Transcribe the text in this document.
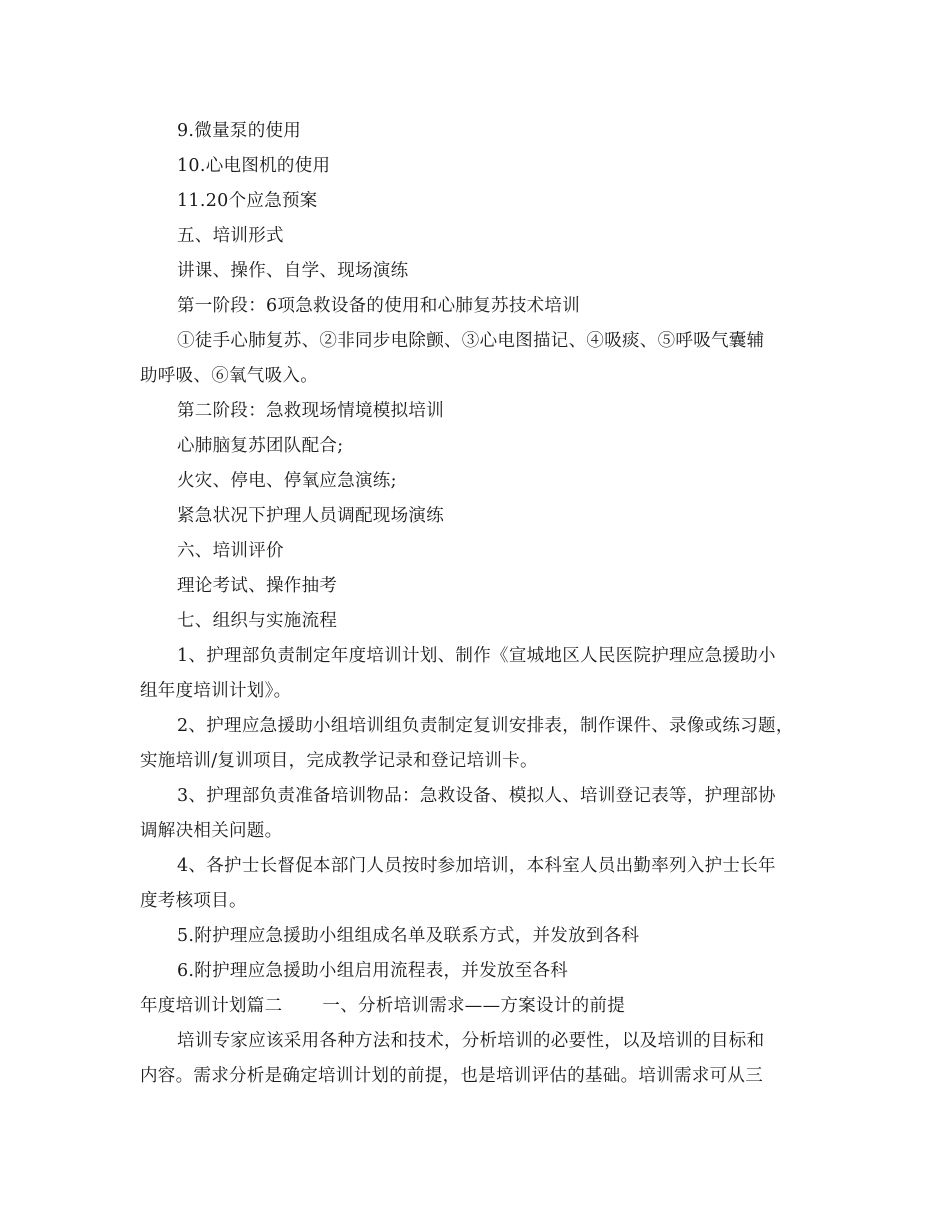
9.微量泵的使用
10.心电图机的使用
11.20个应急预案
五、培训形式
讲课、操作、自学、现场演练
第一阶段：6项急救设备的使用和心肺复苏技术培训
①徒手心肺复苏、②非同步电除颤、③心电图描记、④吸痰、⑤呼吸气囊辅
助呼吸、⑥氧气吸入。
第二阶段：急救现场情境模拟培训
心肺脑复苏团队配合;
火灾、停电、停氧应急演练;
紧急状况下护理人员调配现场演练
六、培训评价
理论考试、操作抽考
七、组织与实施流程
1、护理部负责制定年度培训计划、制作《宣城地区人民医院护理应急援助小
组年度培训计划》。
2、护理应急援助小组培训组负责制定复训安排表，制作课件、录像或练习题，
实施培训/复训项目，完成教学记录和登记培训卡。
3、护理部负责准备培训物品：急救设备、模拟人、培训登记表等，护理部协
调解决相关问题。
4、各护士长督促本部门人员按时参加培训，本科室人员出勤率列入护士长年
度考核项目。
5.附护理应急援助小组组成名单及联系方式，并发放到各科
6.附护理应急援助小组启用流程表，并发放至各科
年度培训计划篇二 一、分析培训需求——方案设计的前提
培训专家应该采用各种方法和技术，分析培训的必要性，以及培训的目标和
内容。需求分析是确定培训计划的前提，也是培训评估的基础。培训需求可从三
